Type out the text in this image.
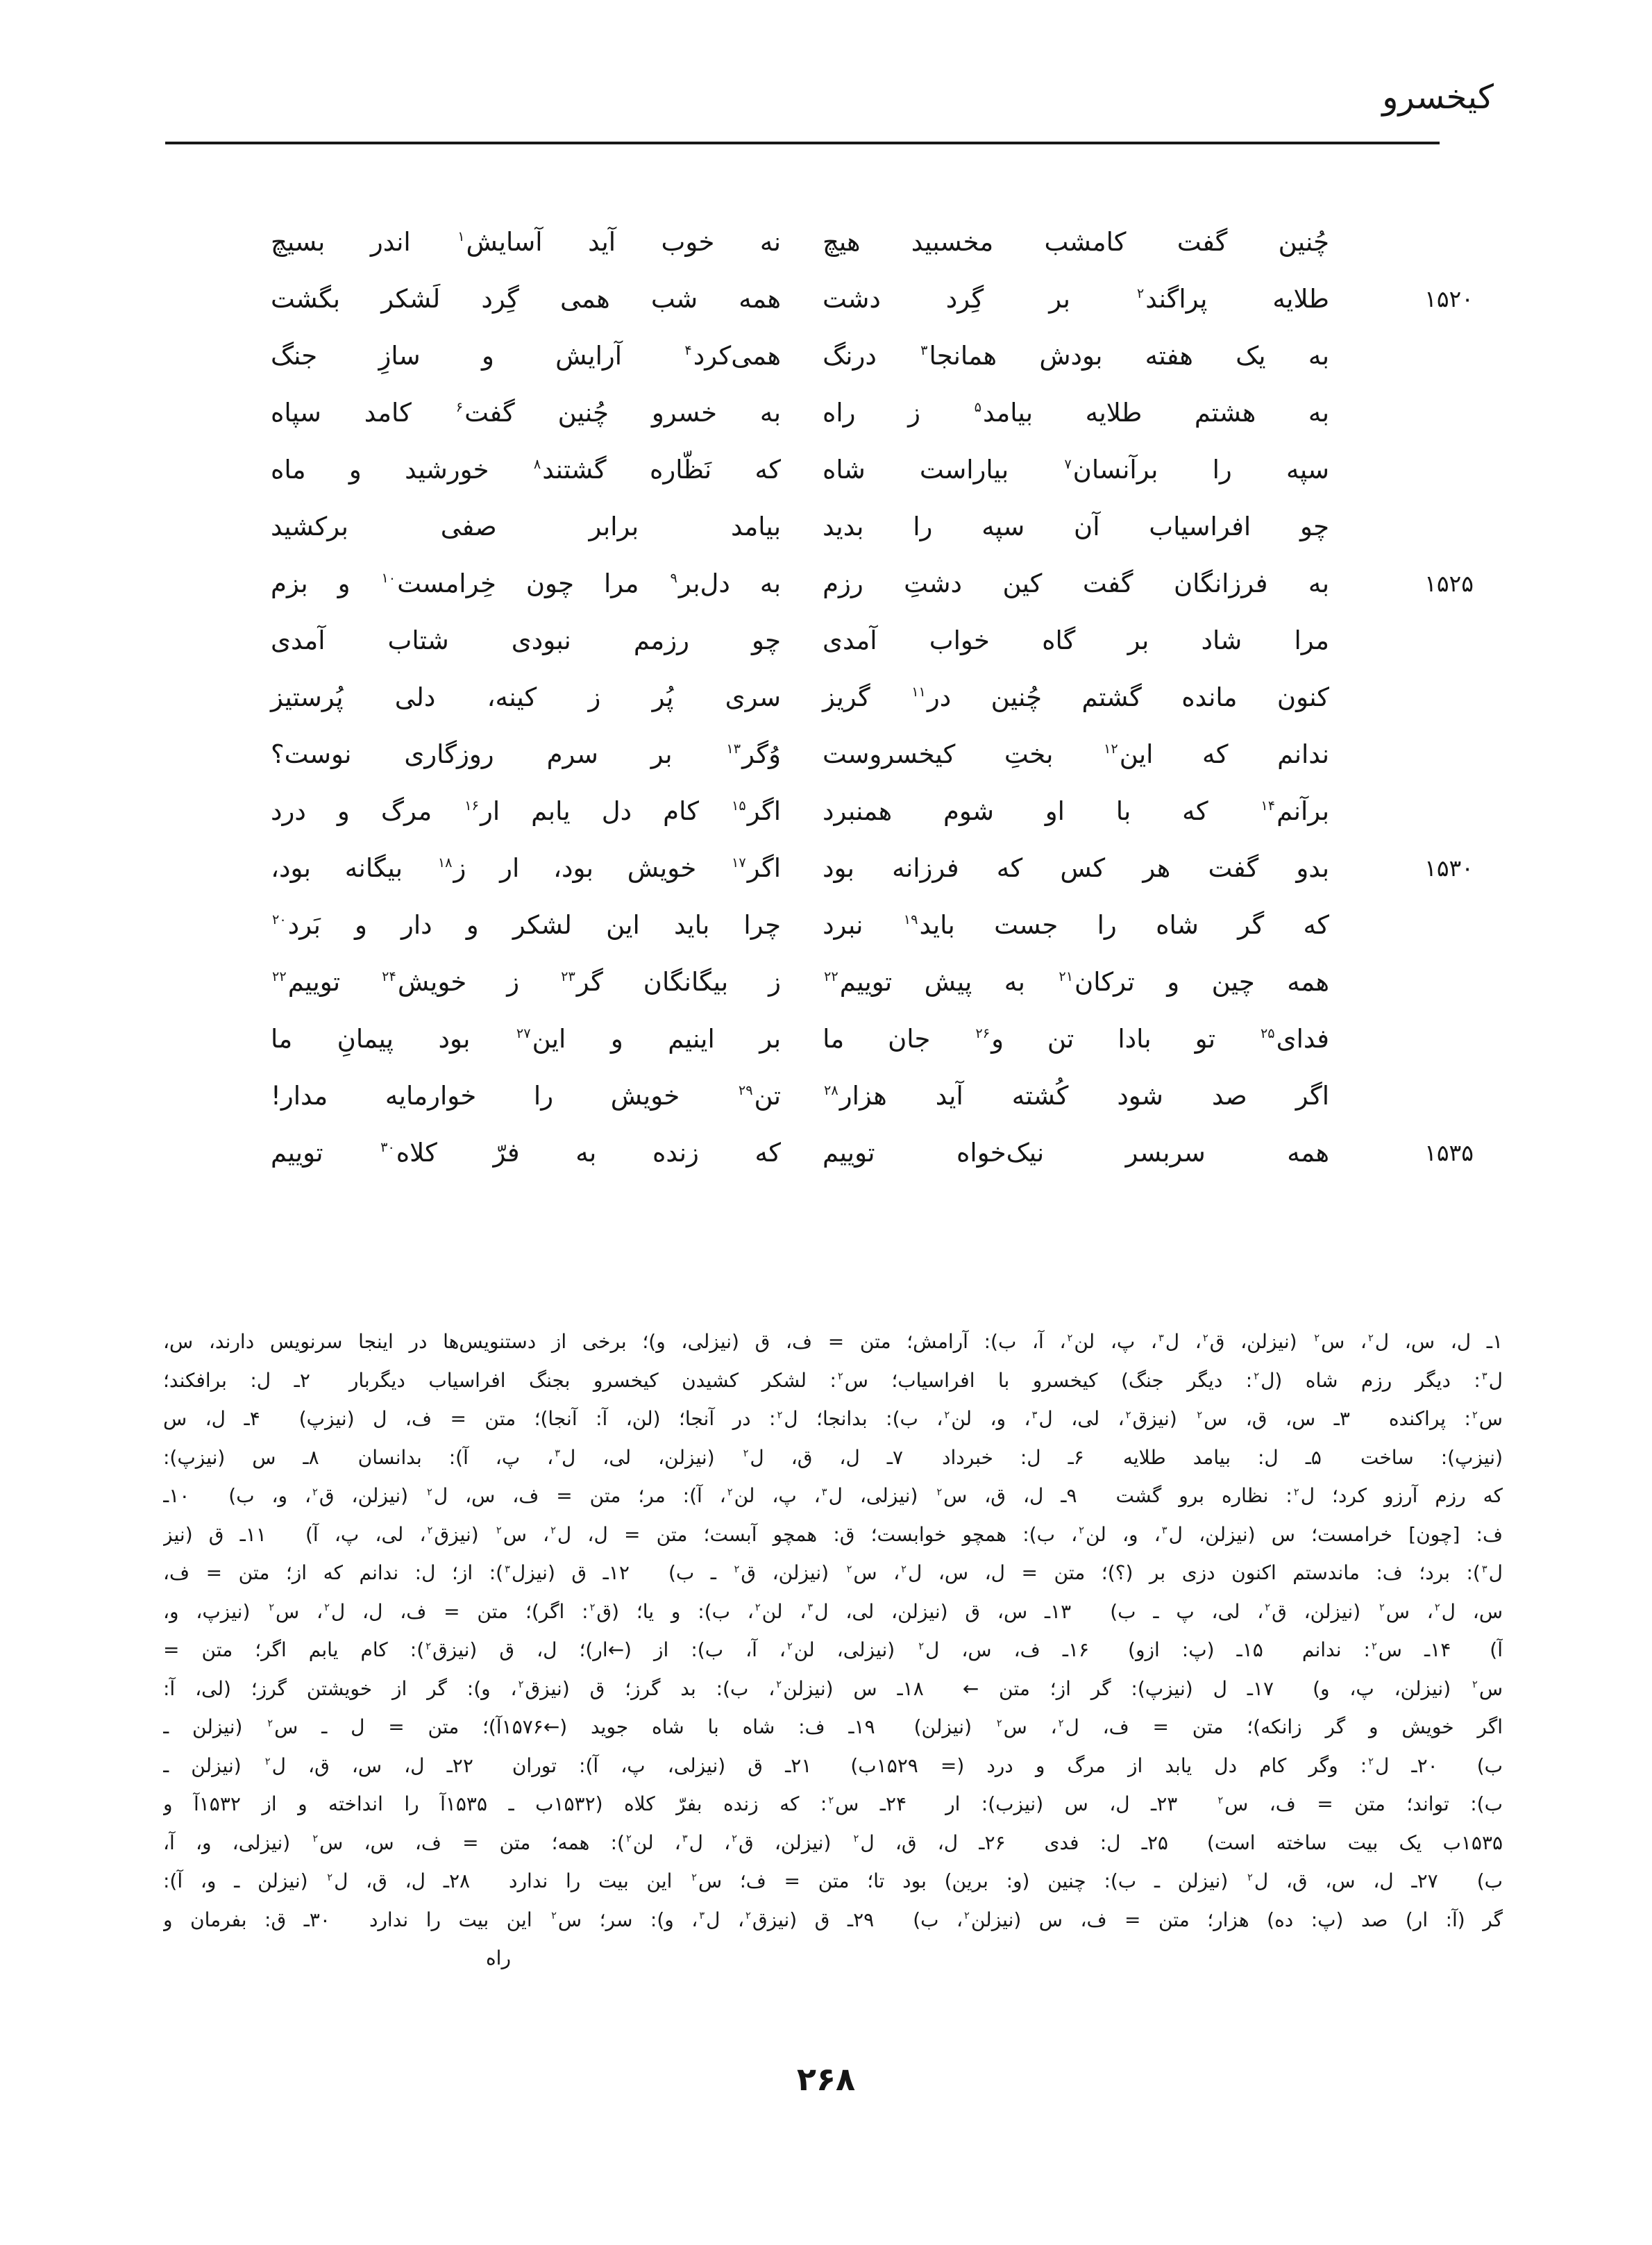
کیخسرو
چُنین
گفت
کامشب
مخسبید
هیچ
نه
خوب
آید
آسایش$^۱$
اندر
بسیچ
۱۵۲۰
طلایه
پراگند$^۲$
بر
گِرد
دشت
همه
شب
همی
گِرد
لَشکر
بگشت
به
یک
هفته
بودش
همانجا$^۳$
درنگ
همی‌کرد$^۴$
آرایش
و
سازِ
جنگ
به
هشتم
طلایه
بیامد$^۵$
ز
راه
به
خسرو
چُنین
گفت$^۶$
کامد
سپاه
سپه
را
برآنسان$^۷$
بیاراست
شاه
که
نَظّاره
گشتند$^۸$
خورشید
و
ماه
چو
افراسیاب
آن
سپه
را
بدید
بیامد
برابر
صفی
برکشید
۱۵۲۵
به
فرزانگان
گفت
کین
دشتِ
رزم
به
دل‌بر$^۹$
مرا
چون
خِرامست$^{۱۰}$
و
بزم
مرا
شاد
بر
گاه
خواب
آمدی
چو
رزمم
نبودی
شتاب
آمدی
کنون
مانده
گشتم
چُنین
در$^{۱۱}$
گریز
سری
پُر
ز
کینه،
دلی
پُرستیز
ندانم
که
این$^{۱۲}$
بختِ
کیخسروست
وُگر$^{۱۳}$
بر
سرم
روزگاری
نوست؟
برآنم$^{۱۴}$
که
با
او
شوم
همنبرد
اگر$^{۱۵}$
کام
دل
یابم
ار$^{۱۶}$
مرگ
و
درد
۱۵۳۰
بدو
گفت
هر
کس
که
فرزانه
بود
اگر$^{۱۷}$
خویش
بود،
ار
ز$^{۱۸}$
بیگانه
بود،
که
گر
شاه
را
جست
باید$^{۱۹}$
نبرد
چرا
باید
این
لشکر
و
دار
و
بَرد$^{۲۰}$
همه
چین
و
ترکان$^{۲۱}$
به
پیش
توییم$^{۲۲}$
ز
بیگانگان
گر$^{۲۳}$
ز
خویش$^{۲۴}$
توییم$^{۲۲}$
فدای$^{۲۵}$
تو
بادا
تن
و$^{۲۶}$
جان
ما
بر
اینیم
و
این$^{۲۷}$
بود
پیمانِ
ما
اگر
صد
شود
کُشته
آید
هزار$^{۲۸}$
تن$^{۲۹}$
خویش
را
خوارمایه
مدار!
۱۵۳۵
همه
سربسر
نیک‌خواه
توییم
که
زنده
به
فرّ
کلاه$^{۳۰}$
توییم
۱ـ ل، س، ل$^۲$، س$^۲$ (نیزلن، ق$^۲$، ل$^۳$، پ، لن$^۲$، آ، ب): آرامش؛ متن = ف، ق (نیزلی، و)؛ برخی از دستنویس‌ها در اینجا سرنویس دارند، س،
ل$^۳$: دیگر رزم شاه (ل$^۲$: دیگر جنگ) کیخسرو با افراسیاب؛ س$^۲$: لشکر کشیدن کیخسرو بجنگ افراسیاب دیگربار  ۲ـ ل: برافکند؛
س$^۲$: پراکنده  ۳ـ س، ق، س$^۲$ (نیزق$^۲$، لی، ل$^۳$، و، لن$^۲$، ب): بدانجا؛ ل$^۲$: در آنجا؛ (لن، آ: آنجا)؛ متن = ف، ل (نیزپ)  ۴ـ ل، س
(نیزپ): ساخت  ۵ـ ل: بیامد طلایه  ۶ـ ل: خبرداد  ۷ـ ل، ق، ل$^۲$ (نیزلن، لی، ل$^۳$، پ، آ): بدانسان  ۸ـ س (نیزپ):
که رزم آرزو کرد؛ ل$^۲$: نظاره برو گشت  ۹ـ ل، ق، س$^۲$ (نیزلی، ل$^۳$، پ، لن$^۲$، آ): مر؛ متن = ف، س، ل$^۲$ (نیزلن، ق$^۲$، و، ب)  ۱۰ـ
ف: [چون] خرامست؛ س (نیزلن، ل$^۳$، و، لن$^۲$، ب): همچو خوابست؛ ق: همچو آبست؛ متن = ل، ل$^۲$، س$^۲$ (نیزق$^۲$، لی، پ، آ)  ۱۱ـ ق (نیز
ل$^۳$): برد؛ ف: ماندستم اکنون دزی بر (؟)؛ متن = ل، س، ل$^۲$، س$^۲$ (نیزلن، ق$^۲$ ـ ب)  ۱۲ـ ق (نیزل$^۳$): از؛ ل: ندانم که از؛ متن = ف،
س، ل$^۲$، س$^۲$ (نیزلن، ق$^۲$، لی، پ ـ ب)  ۱۳ـ س، ق (نیزلن، لی، ل$^۳$، لن$^۲$، ب): و یا؛ (ق$^۲$: اگر)؛ متن = ف، ل، ل$^۲$، س$^۲$ (نیزپ، و،
آ)  ۱۴ـ س$^۲$: ندانم  ۱۵ـ (پ: ازو)  ۱۶ـ ف، س، ل$^۲$ (نیزلی، لن$^۲$، آ، ب): از (←ار)؛ ل، ق (نیزق$^۲$): کام یابم اگر؛ متن =
س$^۲$ (نیزلن، پ، و)  ۱۷ـ ل (نیزپ): گر از؛ متن ←  ۱۸ـ س (نیزلن$^۲$، ب): بد گرز؛ ق (نیزق$^۲$، و): گر از خویشتن گرز؛ (لی، آ:
اگر خویش و گر زانکه)؛ متن = ف، ل$^۲$، س$^۲$ (نیزلن)  ۱۹ـ ف: شاه با شاه جوید (←۱۵۷۶آ)؛ متن = ل ـ س$^۲$ (نیزلن ـ
ب)  ۲۰ـ ل$^۲$: وگر کام دل یابد از مرگ و درد (= ۱۵۲۹ب)  ۲۱ـ ق (نیزلی، پ، آ): توران  ۲۲ـ ل، س، ق، ل$^۲$ (نیزلن ـ
ب): تواند؛ متن = ف، س$^۲$  ۲۳ـ ل، س (نیزب): ار  ۲۴ـ س$^۲$: که زنده بفرّ کلاه (۱۵۳۲ب ـ ۱۵۳۵آ را انداخته و از ۱۵۳۲آ و
۱۵۳۵ب یک بیت ساخته است)  ۲۵ـ ل: فدی  ۲۶ـ ل، ق، ل$^۲$ (نیزلن، ق$^۲$، ل$^۳$، لن$^۲$): همه؛ متن = ف، س، س$^۲$ (نیزلی، و، آ،
ب)  ۲۷ـ ل، س، ق، ل$^۲$ (نیزلن ـ ب): چنین (و: برین) بود تا؛ متن = ف؛ س$^۲$ این بیت را ندارد  ۲۸ـ ل، ق، ل$^۲$ (نیزلن ـ و، آ):
گر (آ: ار) صد (پ: ده) هزار؛ متن = ف، س (نیزلن$^۲$، ب)  ۲۹ـ ق (نیزق$^۲$، ل$^۳$، و): سر؛ س$^۲$ این بیت را ندارد  ۳۰ـ ق: بفرمان و
راه
۲۶۸
